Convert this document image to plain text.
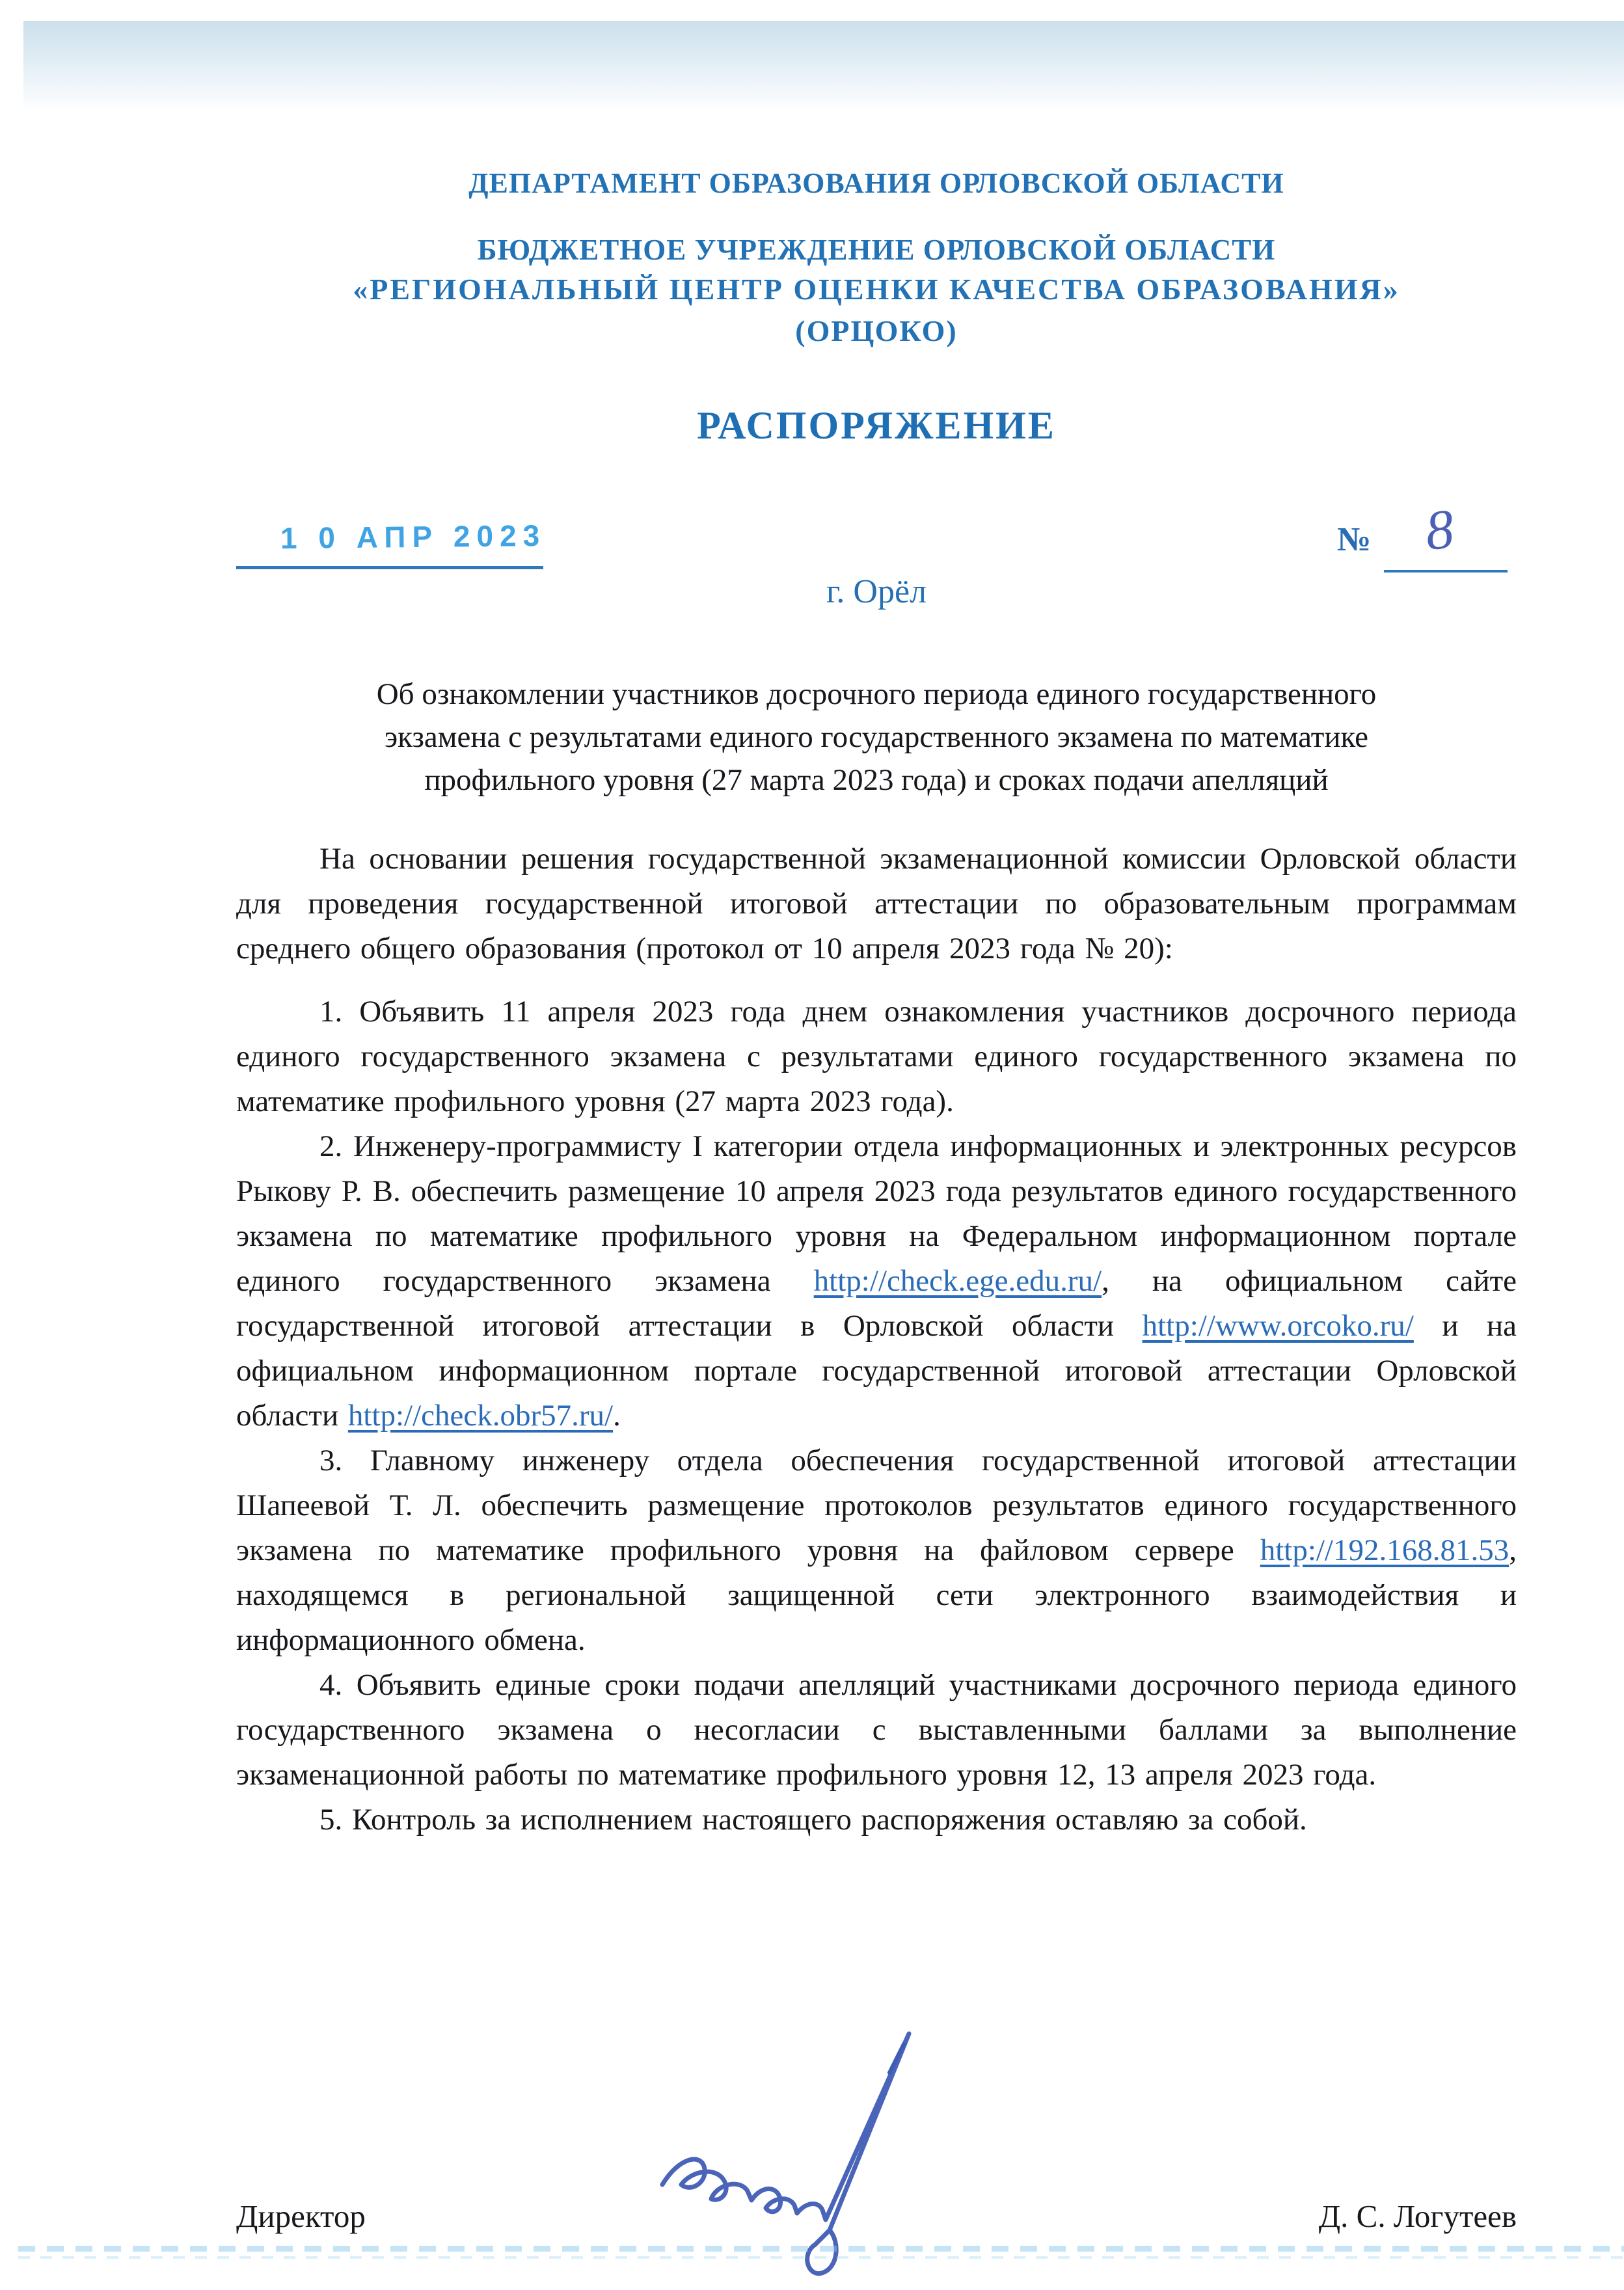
ДЕПАРТАМЕНТ ОБРАЗОВАНИЯ ОРЛОВСКОЙ ОБЛАСТИ
БЮДЖЕТНОЕ УЧРЕЖДЕНИЕ ОРЛОВСКОЙ ОБЛАСТИ
«РЕГИОНАЛЬНЫЙ ЦЕНТР ОЦЕНКИ КАЧЕСТВА ОБРАЗОВАНИЯ»
(ОРЦОКО)
РАСПОРЯЖЕНИЕ
1 0 АПР 2023	№ 8
г. Орёл
Об ознакомлении участников досрочного периода единого государственного
экзамена с результатами единого государственного экзамена по математике
профильного уровня (27 марта 2023 года) и сроках подачи апелляций

На основании решения государственной экзаменационной комиссии Орловской области для проведения государственной итоговой аттестации по образовательным программам среднего общего образования (протокол от 10 апреля 2023 года № 20):

1. Объявить 11 апреля 2023 года днем ознакомления участников досрочного периода единого государственного экзамена с результатами единого государственного экзамена по математике профильного уровня (27 марта 2023 года).

2. Инженеру-программисту I категории отдела информационных и электронных ресурсов Рыкову Р. В. обеспечить размещение 10 апреля 2023 года результатов единого государственного экзамена по математике профильного уровня на Федеральном информационном портале единого государственного экзамена http://check.ege.edu.ru/, на официальном сайте государственной итоговой аттестации в Орловской области http://www.orcoko.ru/ и на официальном информационном портале государственной итоговой аттестации Орловской области http://check.obr57.ru/.

3. Главному инженеру отдела обеспечения государственной итоговой аттестации Шапеевой Т. Л. обеспечить размещение протоколов результатов единого государственного экзамена по математике профильного уровня на файловом сервере http://192.168.81.53, находящемся в региональной защищенной сети электронного взаимодействия и информационного обмена.

4. Объявить единые сроки подачи апелляций участниками досрочного периода единого государственного экзамена о несогласии с выставленными баллами за выполнение экзаменационной работы по математике профильного уровня 12, 13 апреля 2023 года.

5. Контроль за исполнением настоящего распоряжения оставляю за собой.

Директор	Д. С. Логутеев
